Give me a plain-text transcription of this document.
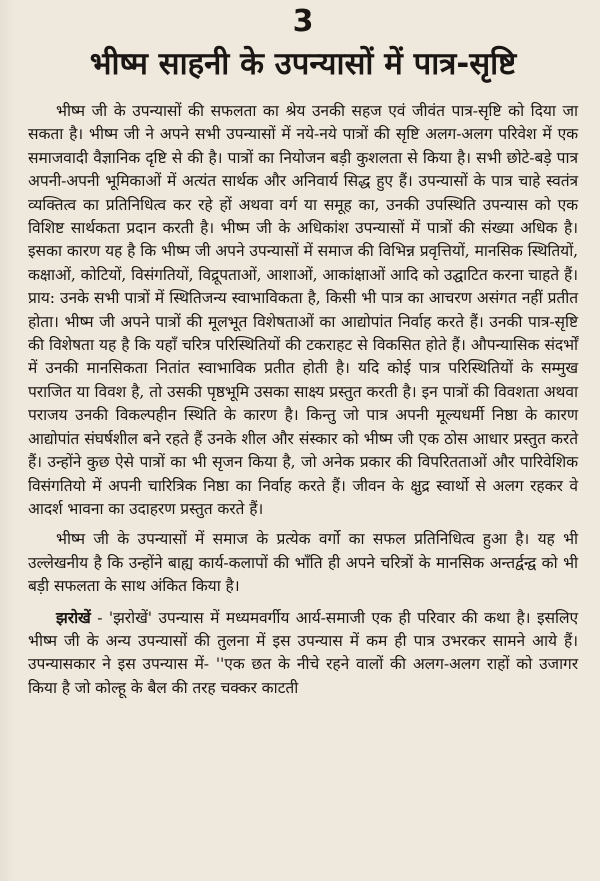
3
भीष्म साहनी के उपन्यासों में पात्र-सृष्टि

भीष्म जी के उपन्यासों की सफलता का श्रेय उनकी सहज एवं जीवंत पात्र-सृष्टि को दिया जा सकता है। भीष्म जी ने अपने सभी उपन्यासों में नये-नये पात्रों की सृष्टि अलग-अलग परिवेश में एक समाजवादी वैज्ञानिक दृष्टि से की है। पात्रों का नियोजन बड़ी कुशलता से किया है। सभी छोटे-बड़े पात्र अपनी-अपनी भूमिकाओं में अत्यंत सार्थक और अनिवार्य सिद्ध हुए हैं। उपन्यासों के पात्र चाहे स्वतंत्र व्यक्तित्व का प्रतिनिधित्व कर रहे हों अथवा वर्ग या समूह का, उनकी उपस्थिति उपन्यास को एक विशिष्ट सार्थकता प्रदान करती है। भीष्म जी के अधिकांश उपन्यासों में पात्रों की संख्या अधिक है। इसका कारण यह है कि भीष्म जी अपने उपन्यासों में समाज की विभिन्न प्रवृत्तियों, मानसिक स्थितियों, कक्षाओं, कोटियों, विसंगतियों, विद्रूपताओं, आशाओं, आकांक्षाओं आदि को उद्घाटित करना चाहते हैं। प्राय: उनके सभी पात्रों में स्थितिजन्य स्वाभाविकता है, किसी भी पात्र का आचरण असंगत नहीं प्रतीत होता। भीष्म जी अपने पात्रों की मूलभूत विशेषताओं का आद्योपांत निर्वाह करते हैं। उनकी पात्र-सृष्टि की विशेषता यह है कि यहाँ चरित्र परिस्थितियों की टकराहट से विकसित होते हैं। औपन्यासिक संदर्भों में उनकी मानसिकता नितांत स्वाभाविक प्रतीत होती है। यदि कोई पात्र परिस्थितियों के सम्मुख पराजित या विवश है, तो उसकी पृष्ठभूमि उसका साक्ष्य प्रस्तुत करती है। इन पात्रों की विवशता अथवा पराजय उनकी विकल्पहीन स्थिति के कारण है। किन्तु जो पात्र अपनी मूल्यधर्मी निष्ठा के कारण आद्योपांत संघर्षशील बने रहते हैं उनके शील और संस्कार को भीष्म जी एक ठोस आधार प्रस्तुत करते हैं। उन्होंने कुछ ऐसे पात्रों का भी सृजन किया है, जो अनेक प्रकार की विपरितताओं और पारिवेशिक विसंगतियो में अपनी चारित्रिक निष्ठा का निर्वाह करते हैं। जीवन के क्षुद्र स्वार्थो से अलग रहकर वे आदर्श भावना का उदाहरण प्रस्तुत करते हैं।

भीष्म जी के उपन्यासों में समाज के प्रत्येक वर्गो का सफल प्रतिनिधित्व हुआ है। यह भी उल्लेखनीय है कि उन्होंने बाह्य कार्य-कलापों की भाँति ही अपने चरित्रों के मानसिक अन्तर्द्वन्द्व को भी बड़ी सफलता के साथ अंकित किया है।

झरोखें - 'झरोखें' उपन्यास में मध्यमवर्गीय आर्य-समाजी एक ही परिवार की कथा है। इसलिए भीष्म जी के अन्य उपन्यासों की तुलना में इस उपन्यास में कम ही पात्र उभरकर सामने आये हैं। उपन्यासकार ने इस उपन्यास में- ''एक छत के नीचे रहने वालों की अलग-अलग राहों को उजागर किया है जो कोल्हू के बैल की तरह चक्कर काटती
